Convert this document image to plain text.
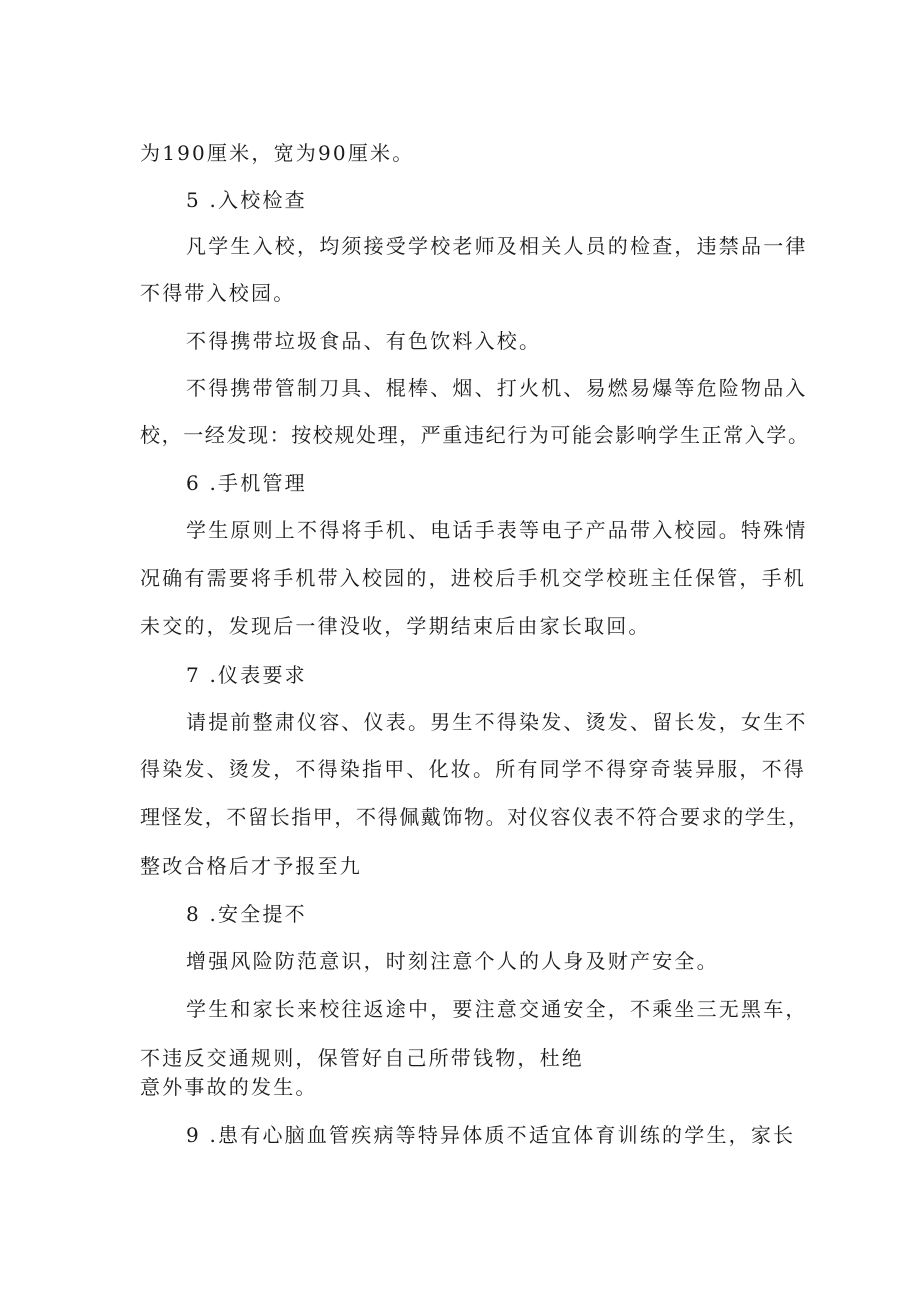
为190厘米，宽为90厘米。
5 .入校检查
凡学生入校，均须接受学校老师及相关人员的检查，违禁品一律
不得带入校园。
不得携带垃圾食品、有色饮料入校。
不得携带管制刀具、棍棒、烟、打火机、易燃易爆等危险物品入
校，一经发现：按校规处理，严重违纪行为可能会影响学生正常入学。
6 .手机管理
学生原则上不得将手机、电话手表等电子产品带入校园。特殊情
况确有需要将手机带入校园的，进校后手机交学校班主任保管，手机
未交的，发现后一律没收，学期结束后由家长取回。
7 .仪表要求
请提前整肃仪容、仪表。男生不得染发、烫发、留长发，女生不
得染发、烫发，不得染指甲、化妆。所有同学不得穿奇装异服，不得
理怪发，不留长指甲，不得佩戴饰物。对仪容仪表不符合要求的学生，
整改合格后才予报至九
8 .安全提不
增强风险防范意识，时刻注意个人的人身及财产安全。
学生和家长来校往返途中，要注意交通安全，不乘坐三无黑车，
不违反交通规则，保管好自己所带钱物，杜绝
意外事故的发生。
9 .患有心脑血管疾病等特异体质不适宜体育训练的学生，家长
